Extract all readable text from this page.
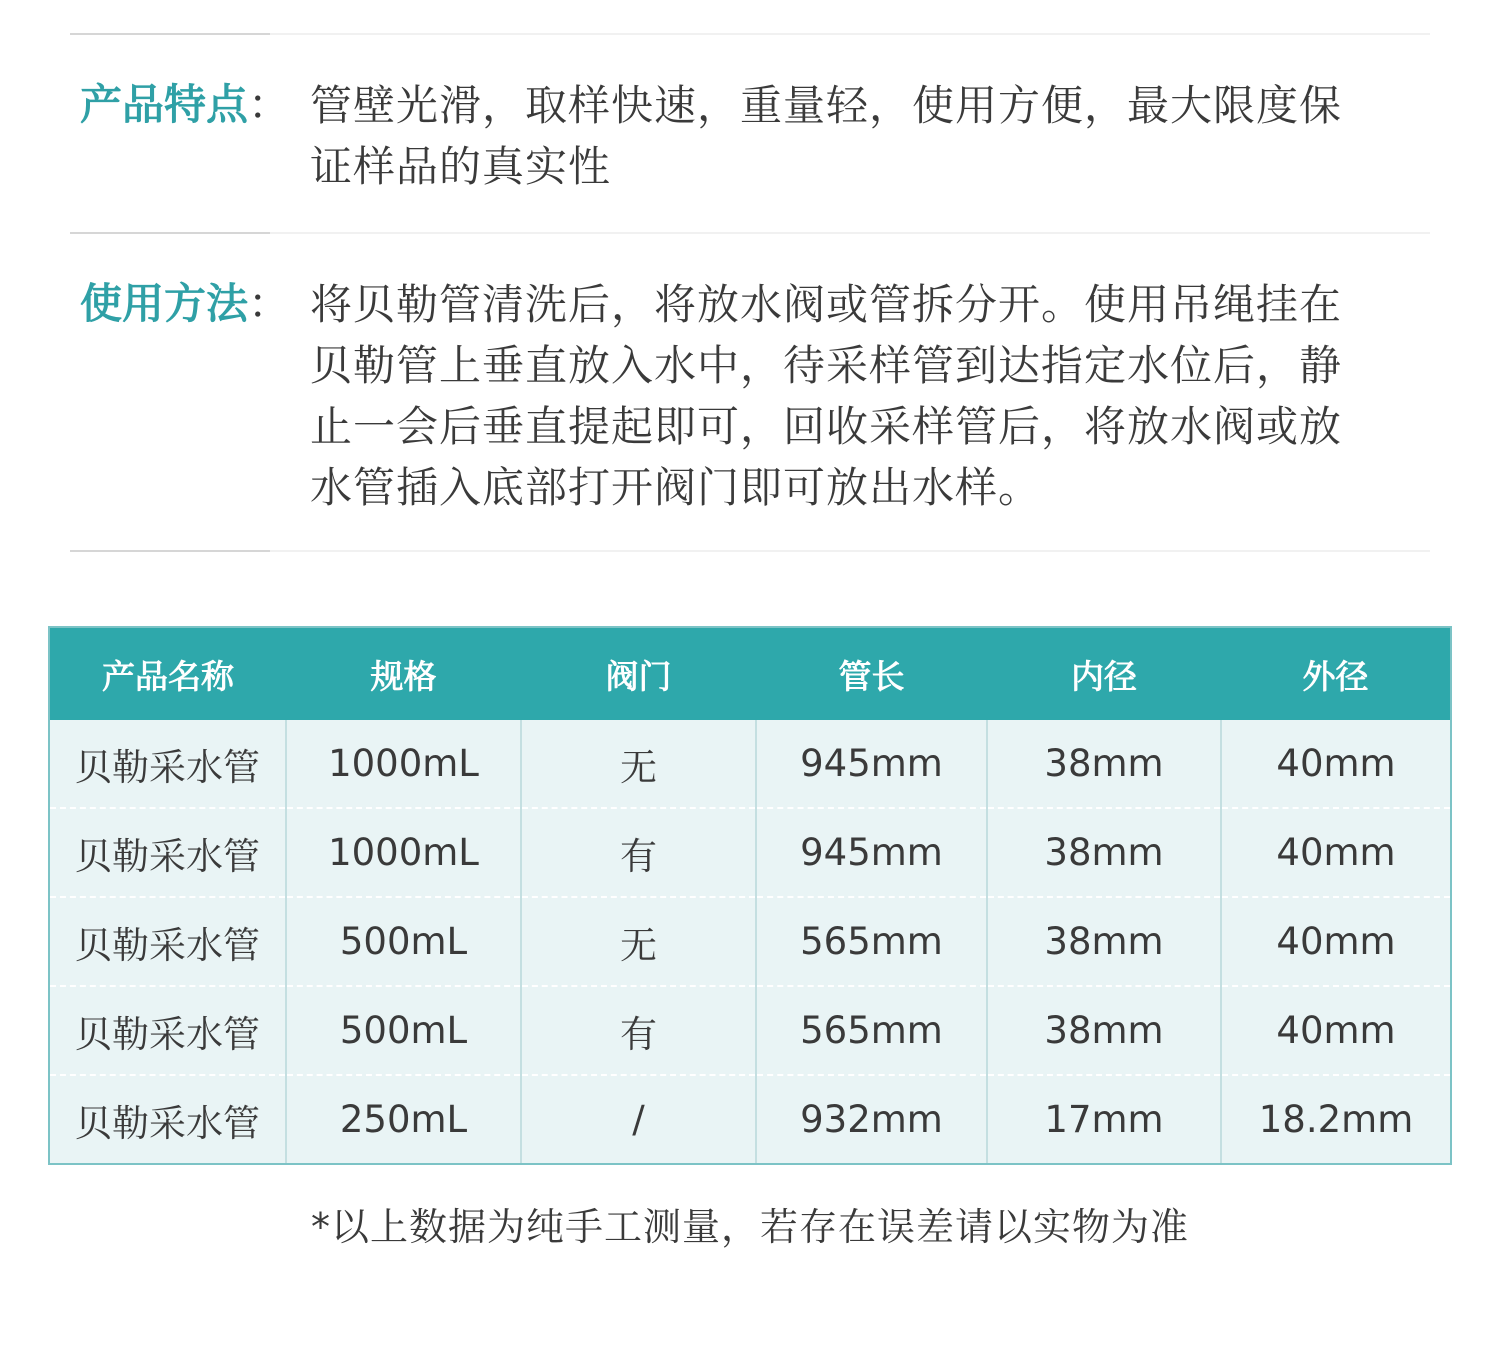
产品特点： 管壁光滑，取样快速，重量轻，使用方便，最大限度保
证样品的真实性
使用方法： 将贝勒管清洗后，将放水阀或管拆分开。使用吊绳挂在
贝勒管上垂直放入水中，待采样管到达指定水位后，静
止一会后垂直提起即可，回收采样管后，将放水阀或放
水管插入底部打开阀门即可放出水样。
产品名称	规格	阀门	管长	内径	外径
贝勒采水管	1000mL	无	945mm	38mm	40mm
贝勒采水管	1000mL	有	945mm	38mm	40mm
贝勒采水管	500mL	无	565mm	38mm	40mm
贝勒采水管	500mL	有	565mm	38mm	40mm
贝勒采水管	250mL	/	932mm	17mm	18.2mm
*以上数据为纯手工测量，若存在误差请以实物为准
